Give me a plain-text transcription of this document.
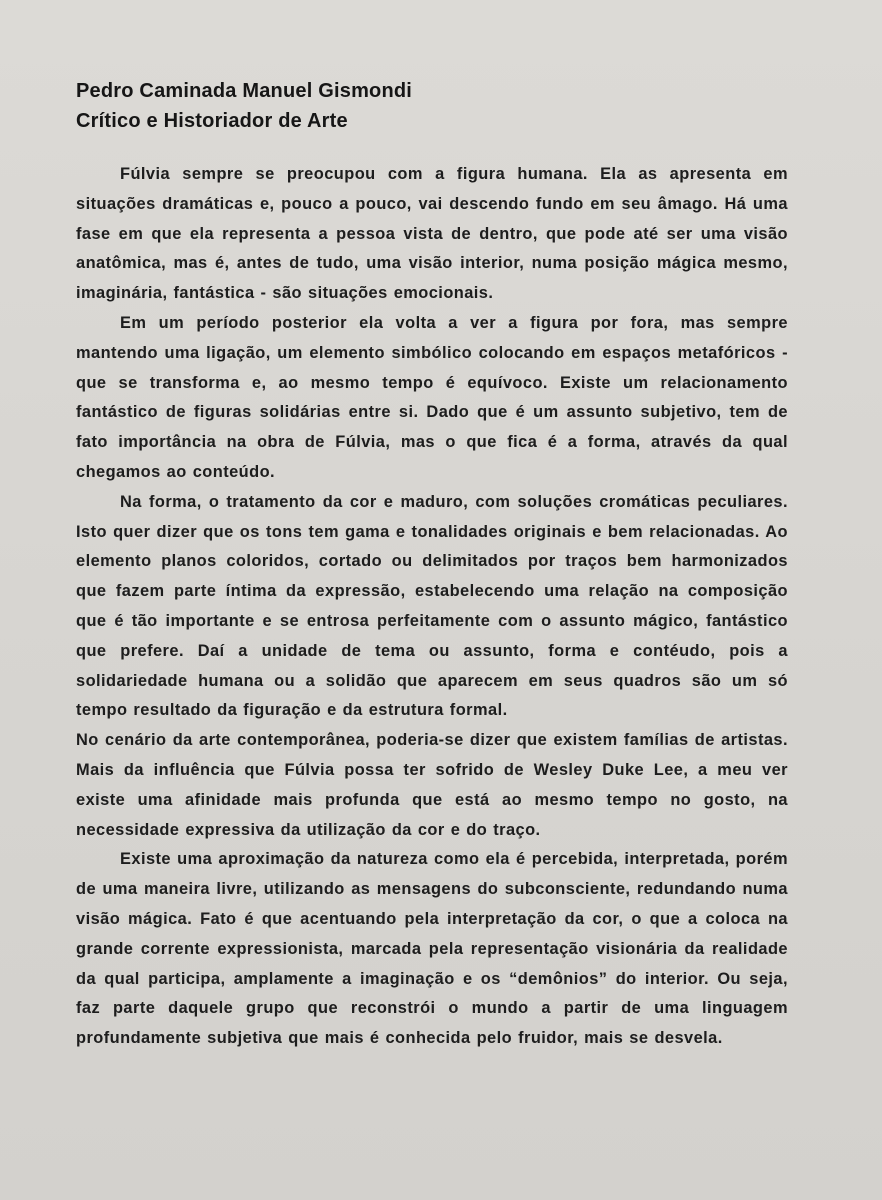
Pedro Caminada Manuel Gismondi
Crítico e Historiador de Arte

Fúlvia sempre se preocupou com a figura humana. Ela as apresenta em situações dramáticas e, pouco a pouco, vai descendo fundo em seu âmago. Há uma fase em que ela representa a pessoa vista de dentro, que pode até ser uma visão anatômica, mas é, antes de tudo, uma visão interior, numa posição mágica mesmo, imaginária, fantástica - são situações emocionais.

Em um período posterior ela volta a ver a figura por fora, mas sempre mantendo uma ligação, um elemento simbólico colocando em espaços metafóricos - que se transforma e, ao mesmo tempo é equívoco. Existe um relacionamento fantástico de figuras solidárias entre si. Dado que é um assunto subjetivo, tem de fato importância na obra de Fúlvia, mas o que fica é a forma, através da qual chegamos ao conteúdo.

Na forma, o tratamento da cor e maduro, com soluções cromáticas peculiares. Isto quer dizer que os tons tem gama e tonalidades originais e bem relacionadas. Ao elemento planos coloridos, cortado ou delimitados por traços bem harmonizados que fazem parte íntima da expressão, estabelecendo uma relação na composição que é tão importante e se entrosa perfeitamente com o assunto mágico, fantástico que prefere. Daí a unidade de tema ou assunto, forma e contéudo, pois a solidariedade humana ou a solidão que aparecem em seus quadros são um só tempo resultado da figuração e da estrutura formal.

No cenário da arte contemporânea, poderia-se dizer que existem famílias de artistas. Mais da influência que Fúlvia possa ter sofrido de Wesley Duke Lee, a meu ver existe uma afinidade mais profunda que está ao mesmo tempo no gosto, na necessidade expressiva da utilização da cor e do traço.

Existe uma aproximação da natureza como ela é percebida, interpretada, porém de uma maneira livre, utilizando as mensagens do subconsciente, redundando numa visão mágica. Fato é que acentuando pela interpretação da cor, o que a coloca na grande corrente expressionista, marcada pela representação visionária da realidade da qual participa, amplamente a imaginação e os “demônios” do interior. Ou seja, faz parte daquele grupo que reconstrói o mundo a partir de uma linguagem profundamente subjetiva que mais é conhecida pelo fruidor, mais se desvela.
